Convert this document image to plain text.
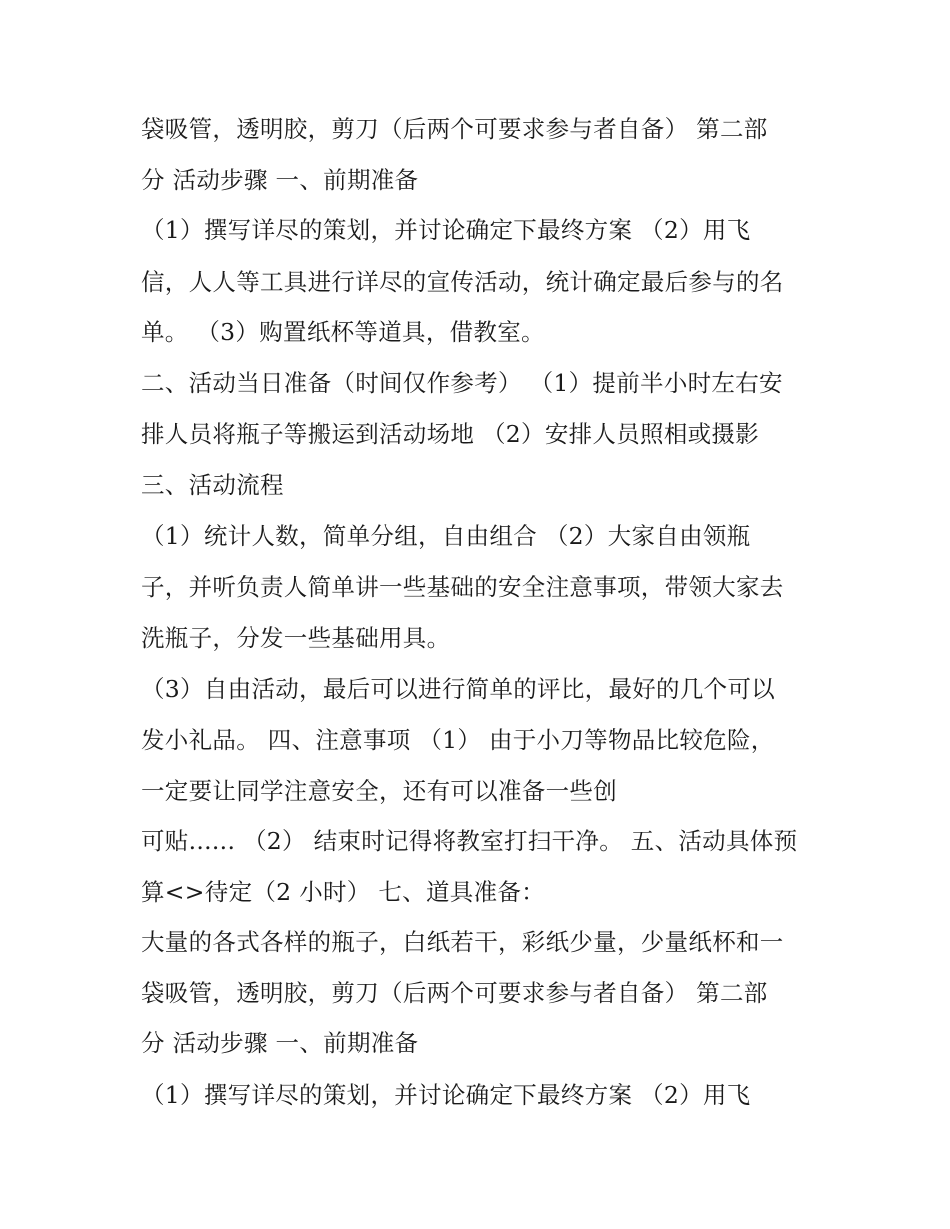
袋吸管，透明胶，剪刀（后两个可要求参与者自备） 第二部
分 活动步骤 一、前期准备
（1）撰写详尽的策划，并讨论确定下最终方案 （2）用飞
信，人人等工具进行详尽的宣传活动，统计确定最后参与的名
单。 （3）购置纸杯等道具，借教室。
二、活动当日准备（时间仅作参考） （1）提前半小时左右安
排人员将瓶子等搬运到活动场地 （2）安排人员照相或摄影
三、活动流程
（1）统计人数，简单分组，自由组合 （2）大家自由领瓶
子，并听负责人简单讲一些基础的安全注意事项，带领大家去
洗瓶子，分发一些基础用具。
（3）自由活动，最后可以进行简单的评比，最好的几个可以
发小礼品。 四、注意事项 （1） 由于小刀等物品比较危险，
一定要让同学注意安全，还有可以准备一些创
可贴...... （2） 结束时记得将教室打扫干净。 五、活动具体预
算<>待定（2 小时） 七、道具准备：
大量的各式各样的瓶子，白纸若干，彩纸少量，少量纸杯和一
袋吸管，透明胶，剪刀（后两个可要求参与者自备） 第二部
分 活动步骤 一、前期准备
（1）撰写详尽的策划，并讨论确定下最终方案 （2）用飞
